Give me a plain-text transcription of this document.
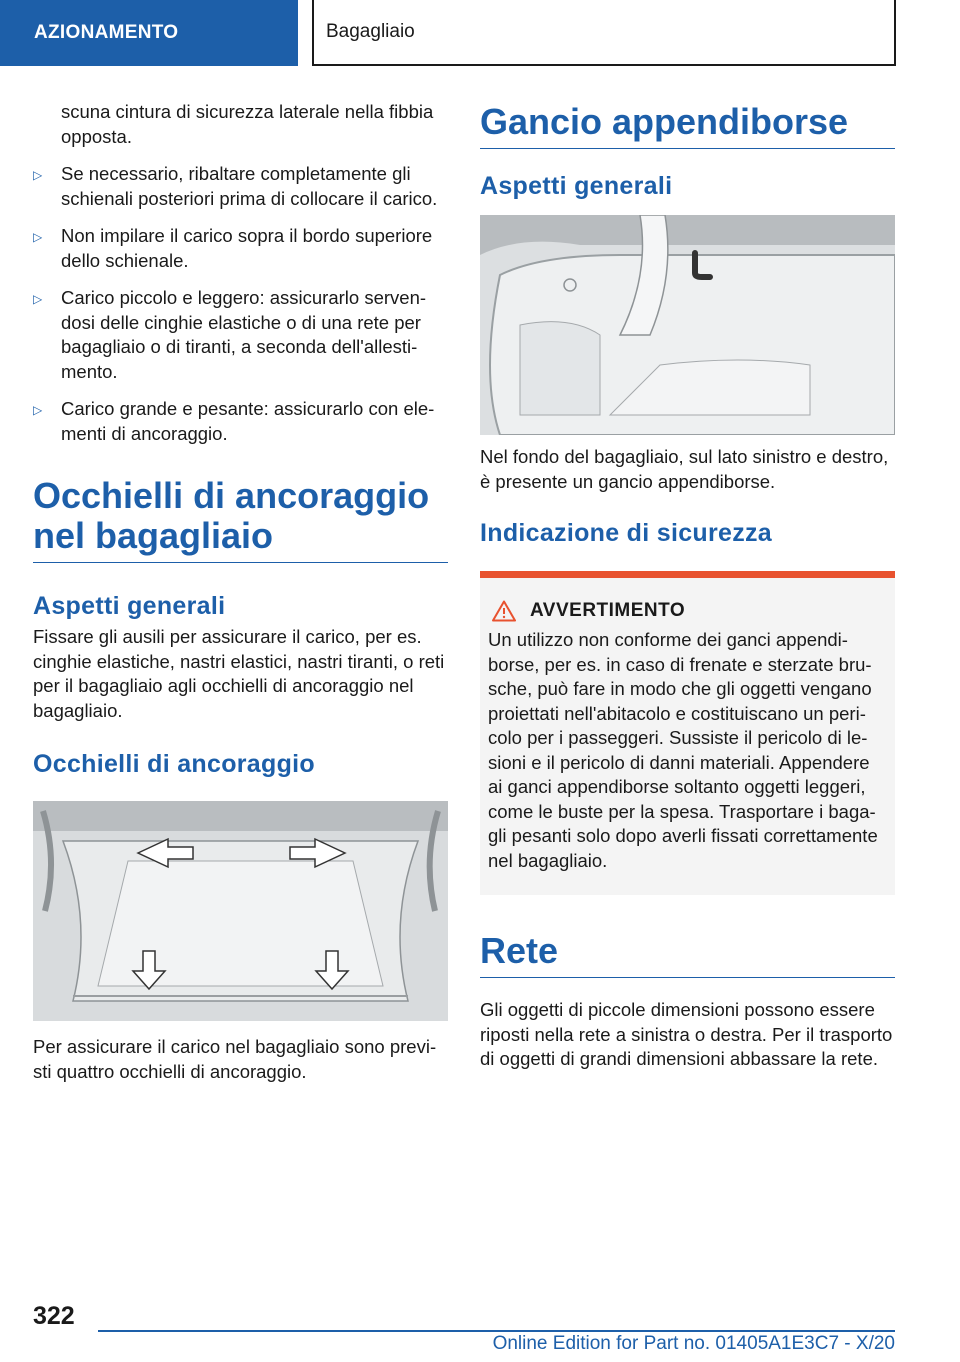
AZIONAMENTO	Bagagliaio

scuna cintura di sicurezza laterale nella fibbia opposta.

▷ Se necessario, ribaltare completamente gli schienali posteriori prima di collocare il carico.
▷ Non impilare il carico sopra il bordo superiore dello schienale.
▷ Carico piccolo e leggero: assicurarlo servendosi delle cinghie elastiche o di una rete per bagagliaio o di tiranti, a seconda dell'allestimento.
▷ Carico grande e pesante: assicurarlo con elementi di ancoraggio.
Occhielli di ancoraggio nel bagagliaio
Aspetti generali

Fissare gli ausili per assicurare il carico, per es. cinghie elastiche, nastri elastici, nastri tiranti, o reti per il bagagliaio agli occhielli di ancoraggio nel bagagliaio.

Occhielli di ancoraggio

Per assicurare il carico nel bagagliaio sono previsti quattro occhielli di ancoraggio.

Gancio appendiborse
Aspetti generali

Nel fondo del bagagliaio, sul lato sinistro e destro, è presente un gancio appendiborse.

Indicazione di sicurezza
AVVERTIMENTO

Un utilizzo non conforme dei ganci appendiborse, per es. in caso di frenate e sterzate brusche, può fare in modo che gli oggetti vengano proiettati nell'abitacolo e costituiscano un pericolo per i passeggeri. Sussiste il pericolo di lesioni e il pericolo di danni materiali. Appendere ai ganci appendiborse soltanto oggetti leggeri, come le buste per la spesa. Trasportare i bagagli pesanti solo dopo averli fissati correttamente nel bagagliaio.

Rete

Gli oggetti di piccole dimensioni possono essere riposti nella rete a sinistra o destra. Per il trasporto di oggetti di grandi dimensioni abbassare la rete.

322
Online Edition for Part no. 01405A1E3C7 - X/20
